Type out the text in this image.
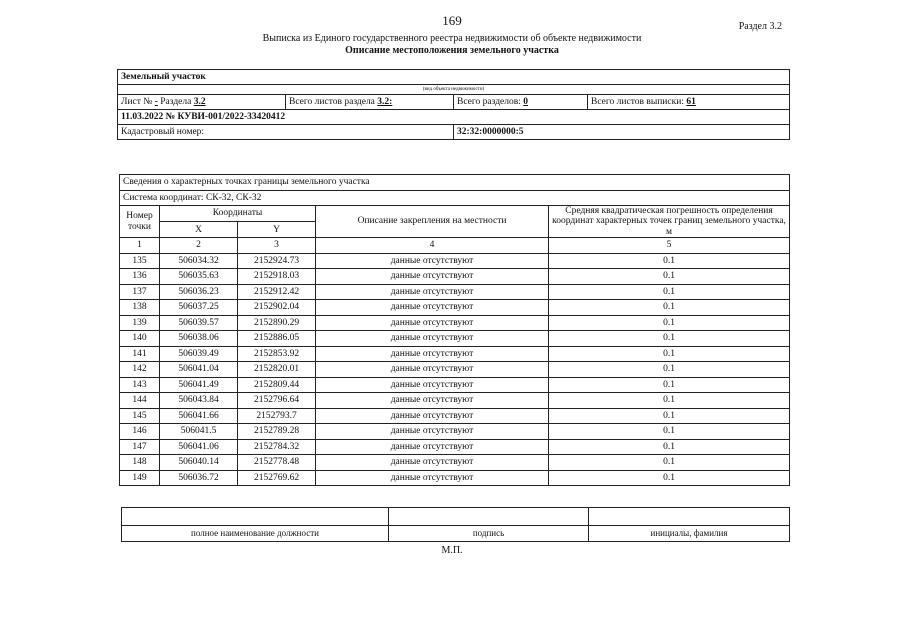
169	Раздел 3.2
Выписка из Единого государственного реестра недвижимости об объекте недвижимости
Описание местоположения земельного участка
Земельный участок			
(вид объекта недвижимости)			
Лист № - Раздела 3.2	Всего листов раздела 3.2:	Всего разделов: 0	Всего листов выписки: 61
11.03.2022 № КУВИ-001/2022-33420412			
Кадастровый номер:		32:32:0000000:5	
Сведения о характерных точках границы земельного участка				
Система координат: СК-32, СК-32				
Номер точки	Координаты		Описание закрепления на местности	Средняя квадратическая погрешность определения координат характерных точек границ земельного участка, м
	X	Y		
1	2	3	4	5
135	506034.32	2152924.73	данные отсутствуют	0.1
136	506035.63	2152918.03	данные отсутствуют	0.1
137	506036.23	2152912.42	данные отсутствуют	0.1
138	506037.25	2152902.04	данные отсутствуют	0.1
139	506039.57	2152890.29	данные отсутствуют	0.1
140	506038.06	2152886.05	данные отсутствуют	0.1
141	506039.49	2152853.92	данные отсутствуют	0.1
142	506041.04	2152820.01	данные отсутствуют	0.1
143	506041.49	2152809.44	данные отсутствуют	0.1
144	506043.84	2152796.64	данные отсутствуют	0.1
145	506041.66	2152793.7	данные отсутствуют	0.1
146	506041.5	2152789.28	данные отсутствуют	0.1
147	506041.06	2152784.32	данные отсутствуют	0.1
148	506040.14	2152778.48	данные отсутствуют	0.1
149	506036.72	2152769.62	данные отсутствуют	0.1

полное наименование должности	подпись	инициалы, фамилия
М.П.
